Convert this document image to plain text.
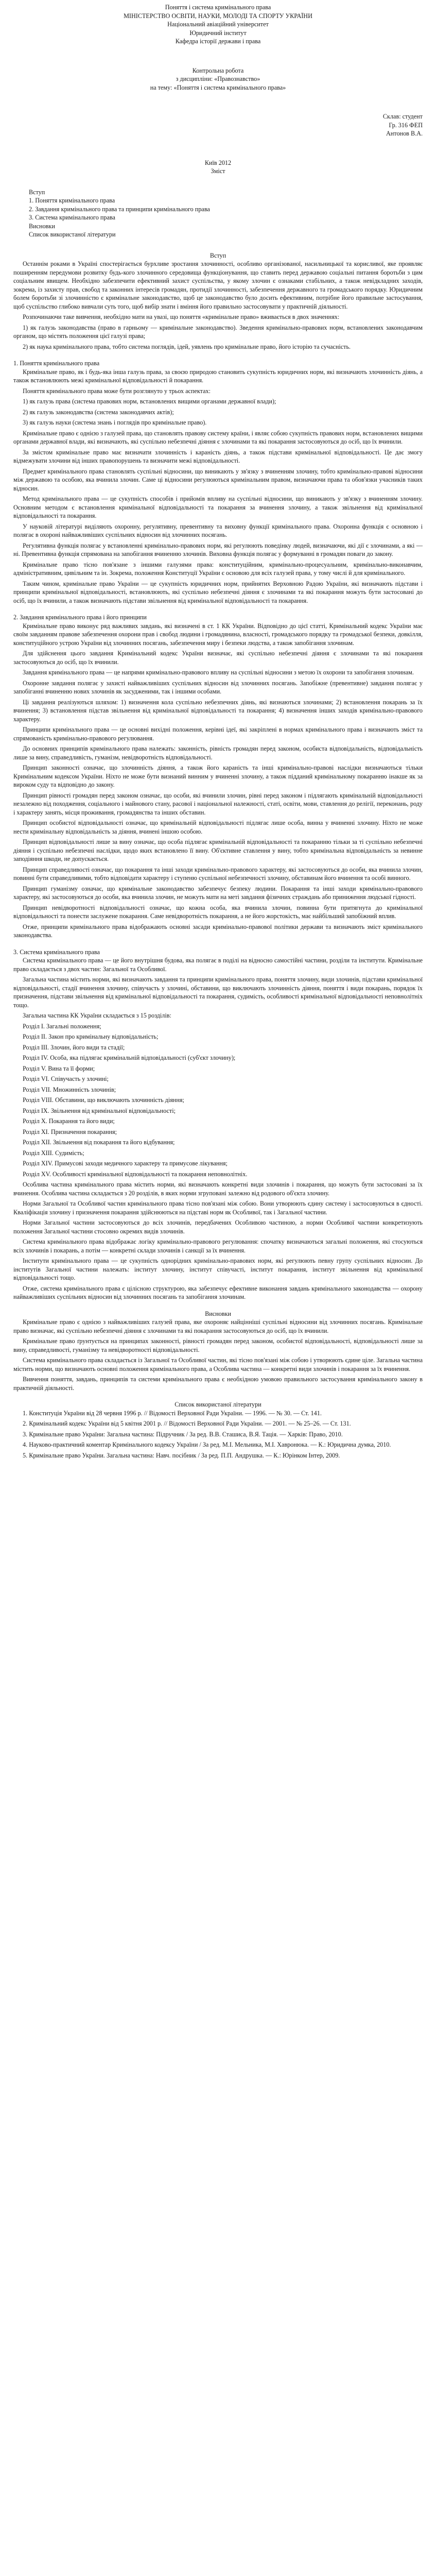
Поняття і система кримінального права

МІНІСТЕРСТВО ОСВІТИ, НАУКИ, МОЛОДІ ТА СПОРТУ УКРАЇНИ

Національний авіаційний університет

Юридичний інститут

Кафедра історії держави і права

Контрольна робота

з дисципліни: «Правознавство»

на тему: «Поняття і система кримінального права»

Склав: студент

Гр. 316 ФЕП

Антонов В.А.

Київ 2012

Зміст

Вступ
1. Поняття кримінального права
2. Завдання кримінального права та принципи кримінального права
3. Система кримінального права
Висновки
Список використаної літератури

Вступ

Останнім роками в Україні спостерігається бурхливе зростання злочинності, особливо організованої, насильницької та корисливої, яке проявляє поширенням передумови розвитку будь-кого злочинного середовища функціонування, що ставить перед державою соціальні питання боротьби з цим соціальним явищем. Необхідно забезпечити ефективний захист суспільства, у якому злочин є ознаками стабільних, а також невідкладних заходів, зокрема, із захисту прав, свобод та законних інтересів громадян, протидії злочинності, забезпечення державного та громадського порядку. Юридичним болем боротьби зі злочинністю є кримінальне законодавство, щоб це законодавство було досить ефективним, потрібне його правильне застосування, щоб суспільство глибоко вивчали суть того, щоб вибір знати і вміння його правильно застосовувати у практичній діяльності.

Розпочинаючи таке вивчення, необхідно мати на увазі, що поняття «кримінальне право» вживається в двох значеннях:

1) як галузь законодавства (право в гарньому — кримінальне законодавство). Зведення кримінально-правових норм, встановлених законодавчим органом, що містять положення цієї галузі права;

2) як наука кримінального права, тобто система поглядів, ідей, уявлень про кримінальне право, його історію та сучасність.

1. Поняття кримінального права

Кримінальне право, як і будь-яка інша галузь права, за своєю природою становить сукупність юридичних норм, які визначають злочинність діянь, а також встановлюють межі кримінальної відповідальності й покарання.

Поняття кримінального права може бути розглянуто у трьох аспектах:

1) як галузь права (система правових норм, встановлених вищими органами державної влади);

2) як галузь законодавства (система законодавчих актів);

3) як галузь науки (система знань і поглядів про кримінальне право).

Кримінальне право є однією з галузей права, що становлять правову систему країни, і являє собою сукупність правових норм, встановлених вищими органами державної влади, які визначають, які суспільно небезпечні діяння є злочинами та які покарання застосовуються до осіб, що їх вчинили.

За змістом кримінальне право має визначати злочинність і караність діянь, а також підстави кримінальної відповідальності. Це дає змогу відмежувати злочини від інших правопорушень та визначити межі відповідальності.

Предмет кримінального права становлять суспільні відносини, що виникають у зв'язку з вчиненням злочину, тобто кримінально-правові відносини між державою та особою, яка вчинила злочин. Саме ці відносини регулюються кримінальним правом, визначаючи права та обов'язки учасників таких відносин.

Метод кримінального права — це сукупність способів і прийомів впливу на суспільні відносини, що виникають у зв'язку з вчиненням злочину. Основним методом є встановлення кримінальної відповідальності та покарання за вчинення злочину, а також звільнення від кримінальної відповідальності та покарання.

У науковій літературі виділяють охоронну, регулятивну, превентивну та виховну функції кримінального права. Охоронна функція є основною і полягає в охороні найважливіших суспільних відносин від злочинних посягань.

Регулятивна функція полягає у встановленні кримінально-правових норм, які регулюють поведінку людей, визначаючи, які дії є злочинами, а які — ні. Превентивна функція спрямована на запобігання вчиненню злочинів. Виховна функція полягає у формуванні в громадян поваги до закону.

Кримінальне право тісно пов'язане з іншими галузями права: конституційним, кримінально-процесуальним, кримінально-виконавчим, адміністративним, цивільним та ін. Зокрема, положення Конституції України є основою для всіх галузей права, у тому числі й для кримінального.

Таким чином, кримінальне право України — це сукупність юридичних норм, прийнятих Верховною Радою України, які визначають підстави і принципи кримінальної відповідальності, встановлюють, які суспільно небезпечні діяння є злочинами та які покарання можуть бути застосовані до осіб, що їх вчинили, а також визначають підстави звільнення від кримінальної відповідальності та покарання.

2. Завдання кримінального права і його принципи

Кримінальне право виконує ряд важливих завдань, які визначені в ст. 1 КК України. Відповідно до цієї статті, Кримінальний кодекс України має своїм завданням правове забезпечення охорони прав і свобод людини і громадянина, власності, громадського порядку та громадської безпеки, довкілля, конституційного устрою України від злочинних посягань, забезпечення миру і безпеки людства, а також запобігання злочинам.

Для здійснення цього завдання Кримінальний кодекс України визначає, які суспільно небезпечні діяння є злочинами та які покарання застосовуються до осіб, що їх вчинили.

Завдання кримінального права — це напрями кримінально-правового впливу на суспільні відносини з метою їх охорони та запобігання злочинам.

Охоронне завдання полягає у захисті найважливіших суспільних відносин від злочинних посягань. Запобіжне (превентивне) завдання полягає у запобіганні вчиненню нових злочинів як засудженими, так і іншими особами.

Ці завдання реалізуються шляхом: 1) визначення кола суспільно небезпечних діянь, які визнаються злочинами; 2) встановлення покарань за їх вчинення; 3) встановлення підстав звільнення від кримінальної відповідальності та покарання; 4) визначення інших заходів кримінально-правового характеру.

Принципи кримінального права — це основні вихідні положення, керівні ідеї, які закріплені в нормах кримінального права і визначають зміст та спрямованість кримінально-правового регулювання.

До основних принципів кримінального права належать: законність, рівність громадян перед законом, особиста відповідальність, відповідальність лише за вину, справедливість, гуманізм, невідворотність відповідальності.

Принцип законності означає, що злочинність діяння, а також його караність та інші кримінально-правові наслідки визначаються тільки Кримінальним кодексом України. Ніхто не може бути визнаний винним у вчиненні злочину, а також підданий кримінальному покаранню інакше як за вироком суду та відповідно до закону.

Принцип рівності громадян перед законом означає, що особи, які вчинили злочин, рівні перед законом і підлягають кримінальній відповідальності незалежно від походження, соціального і майнового стану, расової і національної належності, статі, освіти, мови, ставлення до релігії, переконань, роду і характеру занять, місця проживання, громадянства та інших обставин.

Принцип особистої відповідальності означає, що кримінальній відповідальності підлягає лише особа, винна у вчиненні злочину. Ніхто не може нести кримінальну відповідальність за діяння, вчинені іншою особою.

Принцип відповідальності лише за вину означає, що особа підлягає кримінальній відповідальності та покаранню тільки за ті суспільно небезпечні діяння і суспільно небезпечні наслідки, щодо яких встановлено її вину. Об'єктивне ставлення у вину, тобто кримінальна відповідальність за невинне заподіяння шкоди, не допускається.

Принцип справедливості означає, що покарання та інші заходи кримінально-правового характеру, які застосовуються до особи, яка вчинила злочин, повинні бути справедливими, тобто відповідати характеру і ступеню суспільної небезпечності злочину, обставинам його вчинення та особі винного.

Принцип гуманізму означає, що кримінальне законодавство забезпечує безпеку людини. Покарання та інші заходи кримінально-правового характеру, які застосовуються до особи, яка вчинила злочин, не можуть мати на меті завдання фізичних страждань або приниження людської гідності.

Принцип невідворотності відповідальності означає, що кожна особа, яка вчинила злочин, повинна бути притягнута до кримінальної відповідальності та понести заслужене покарання. Саме невідворотність покарання, а не його жорстокість, має найбільший запобіжний вплив.

Отже, принципи кримінального права відображають основні засади кримінально-правової політики держави та визначають зміст кримінального законодавства.

3. Система кримінального права

Система кримінального права — це його внутрішня будова, яка полягає в поділі на відносно самостійні частини, розділи та інститути. Кримінальне право складається з двох частин: Загальної та Особливої.

Загальна частина містить норми, які визначають завдання та принципи кримінального права, поняття злочину, види злочинів, підстави кримінальної відповідальності, стадії вчинення злочину, співучасть у злочині, обставини, що виключають злочинність діяння, поняття і види покарань, порядок їх призначення, підстави звільнення від кримінальної відповідальності та покарання, судимість, особливості кримінальної відповідальності неповнолітніх тощо.

Загальна частина КК України складається з 15 розділів:

Розділ I. Загальні положення;

Розділ II. Закон про кримінальну відповідальність;

Розділ III. Злочин, його види та стадії;

Розділ IV. Особа, яка підлягає кримінальній відповідальності (суб'єкт злочину);

Розділ V. Вина та її форми;

Розділ VI. Співучасть у злочині;

Розділ VII. Множинність злочинів;

Розділ VIII. Обставини, що виключають злочинність діяння;

Розділ IX. Звільнення від кримінальної відповідальності;

Розділ X. Покарання та його види;

Розділ XI. Призначення покарання;

Розділ XII. Звільнення від покарання та його відбування;

Розділ XIII. Судимість;

Розділ XIV. Примусові заходи медичного характеру та примусове лікування;

Розділ XV. Особливості кримінальної відповідальності та покарання неповнолітніх.

Особлива частина кримінального права містить норми, які визначають конкретні види злочинів і покарання, що можуть бути застосовані за їх вчинення. Особлива частина складається з 20 розділів, в яких норми згруповані залежно від родового об'єкта злочину.

Норми Загальної та Особливої частин кримінального права тісно пов'язані між собою. Вони утворюють єдину систему і застосовуються в єдності. Кваліфікація злочину і призначення покарання здійснюються на підставі норм як Особливої, так і Загальної частини.

Норми Загальної частини застосовуються до всіх злочинів, передбачених Особливою частиною, а норми Особливої частини конкретизують положення Загальної частини стосовно окремих видів злочинів.

Система кримінального права відображає логіку кримінально-правового регулювання: спочатку визначаються загальні положення, які стосуються всіх злочинів і покарань, а потім — конкретні склади злочинів і санкції за їх вчинення.

Інститути кримінального права — це сукупність однорідних кримінально-правових норм, які регулюють певну групу суспільних відносин. До інститутів Загальної частини належать: інститут злочину, інститут співучасті, інститут покарання, інститут звільнення від кримінальної відповідальності тощо.

Отже, система кримінального права є цілісною структурою, яка забезпечує ефективне виконання завдань кримінального законодавства — охорону найважливіших суспільних відносин від злочинних посягань та запобігання злочинам.

Висновки

Кримінальне право є однією з найважливіших галузей права, яке охороняє найцінніші суспільні відносини від злочинних посягань. Кримінальне право визначає, які суспільно небезпечні діяння є злочинами та які покарання застосовуються до осіб, що їх вчинили.

Кримінальне право ґрунтується на принципах законності, рівності громадян перед законом, особистої відповідальності, відповідальності лише за вину, справедливості, гуманізму та невідворотності відповідальності.

Система кримінального права складається із Загальної та Особливої частин, які тісно пов'язані між собою і утворюють єдине ціле. Загальна частина містить норми, що визначають основні положення кримінального права, а Особлива частина — конкретні види злочинів і покарання за їх вчинення.

Вивчення поняття, завдань, принципів та системи кримінального права є необхідною умовою правильного застосування кримінального закону в практичній діяльності.

Список використаної літератури

1. Конституція України від 28 червня 1996 р. // Відомості Верховної Ради України. — 1996. — № 30. — Ст. 141.

2. Кримінальний кодекс України від 5 квітня 2001 р. // Відомості Верховної Ради України. — 2001. — № 25–26. — Ст. 131.

3. Кримінальне право України: Загальна частина: Підручник / За ред. В.В. Сташиса, В.Я. Тація. — Харків: Право, 2010.

4. Науково-практичний коментар Кримінального кодексу України / За ред. М.І. Мельника, М.І. Хавронюка. — К.: Юридична думка, 2010.

5. Кримінальне право України. Загальна частина: Навч. посібник / За ред. П.П. Андрушка. — К.: Юрінком Інтер, 2009.
